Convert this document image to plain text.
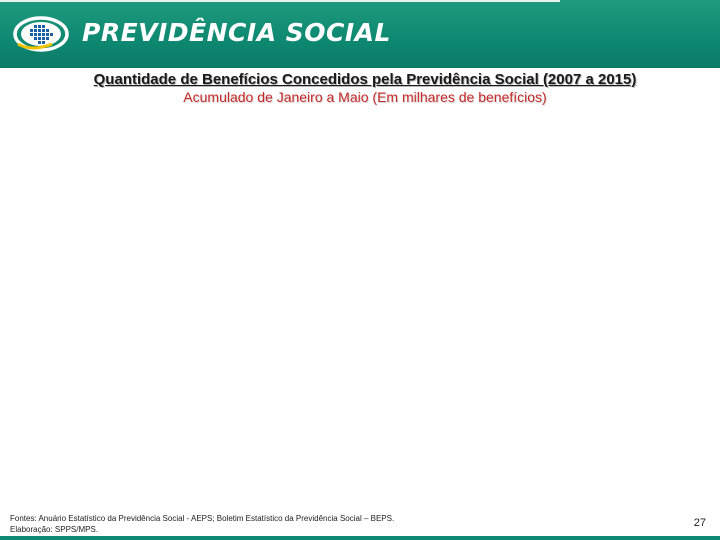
PREVIDÊNCIA SOCIAL
Quantidade de Benefícios Concedidos pela Previdência Social (2007 a 2015)
Acumulado de Janeiro a Maio (Em milhares de benefícios)
Fontes: Anuário Estatístico da Previdência Social - AEPS; Boletim Estatístico da Previdência Social – BEPS.
Elaboração: SPPS/MPS.
27
